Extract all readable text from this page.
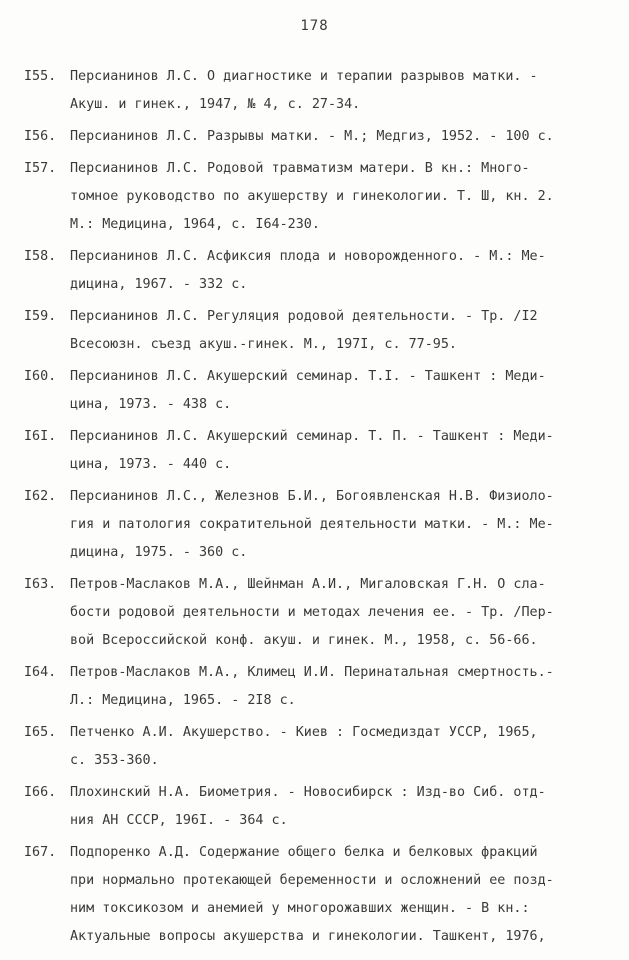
178
I55.	Персианинов Л.С. О диагностике и терапии разрывов матки. -
Акуш. и гинек., 1947, № 4, с. 27-34.
I56.	Персианинов Л.С. Разрывы матки. - М.; Медгиз, 1952. - 100 с.
I57.	Персианинов Л.С. Родовой травматизм матери. В кн.: Много-
томное руководство по акушерству и гинекологии. Т. Ш, кн. 2.
М.: Медицина, 1964, с. I64-230.
I58.	Персианинов Л.С. Асфиксия плода и новорожденного. - М.: Ме-
дицина, 1967. - 332 с.
I59.	Персианинов Л.С. Регуляция родовой деятельности. - Тр. /I2
Всесоюзн. съезд акуш.-гинек. М., 197I, с. 77-95.
I60.	Персианинов Л.С. Акушерский семинар. Т.I. - Ташкент : Меди-
цина, 1973. - 438 с.
I6I.	Персианинов Л.С. Акушерский семинар. Т. П. - Ташкент : Меди-
цина, 1973. - 440 с.
I62.	Персианинов Л.С., Железнов Б.И., Богоявленская Н.В. Физиоло-
гия и патология сократительной деятельности матки. - М.: Ме-
дицина, 1975. - 360 с.
I63.	Петров-Маслаков М.А., Шейнман А.И., Мигаловская Г.Н. О сла-
бости родовой деятельности и методах лечения ее. - Тр. /Пер-
вой Всероссийской конф. акуш. и гинек. М., 1958, с. 56-66.
I64.	Петров-Маслаков М.А., Климец И.И. Перинатальная смертность.-
Л.: Медицина, 1965. - 2I8 с.
I65.	Петченко А.И. Акушерство. - Киев : Госмедиздат УССР, 1965,
с. 353-360.
I66.	Плохинский Н.А. Биометрия. - Новосибирск : Изд-во Сиб. отд-
ния АН СССР, 196I. - 364 с.
I67.	Подпоренко А.Д. Содержание общего белка и белковых фракций
при нормально протекающей беременности и осложнений ее позд-
ним токсикозом и анемией у многорожавших женщин. - В кн.:
Актуальные вопросы акушерства и гинекологии. Ташкент, 1976,
